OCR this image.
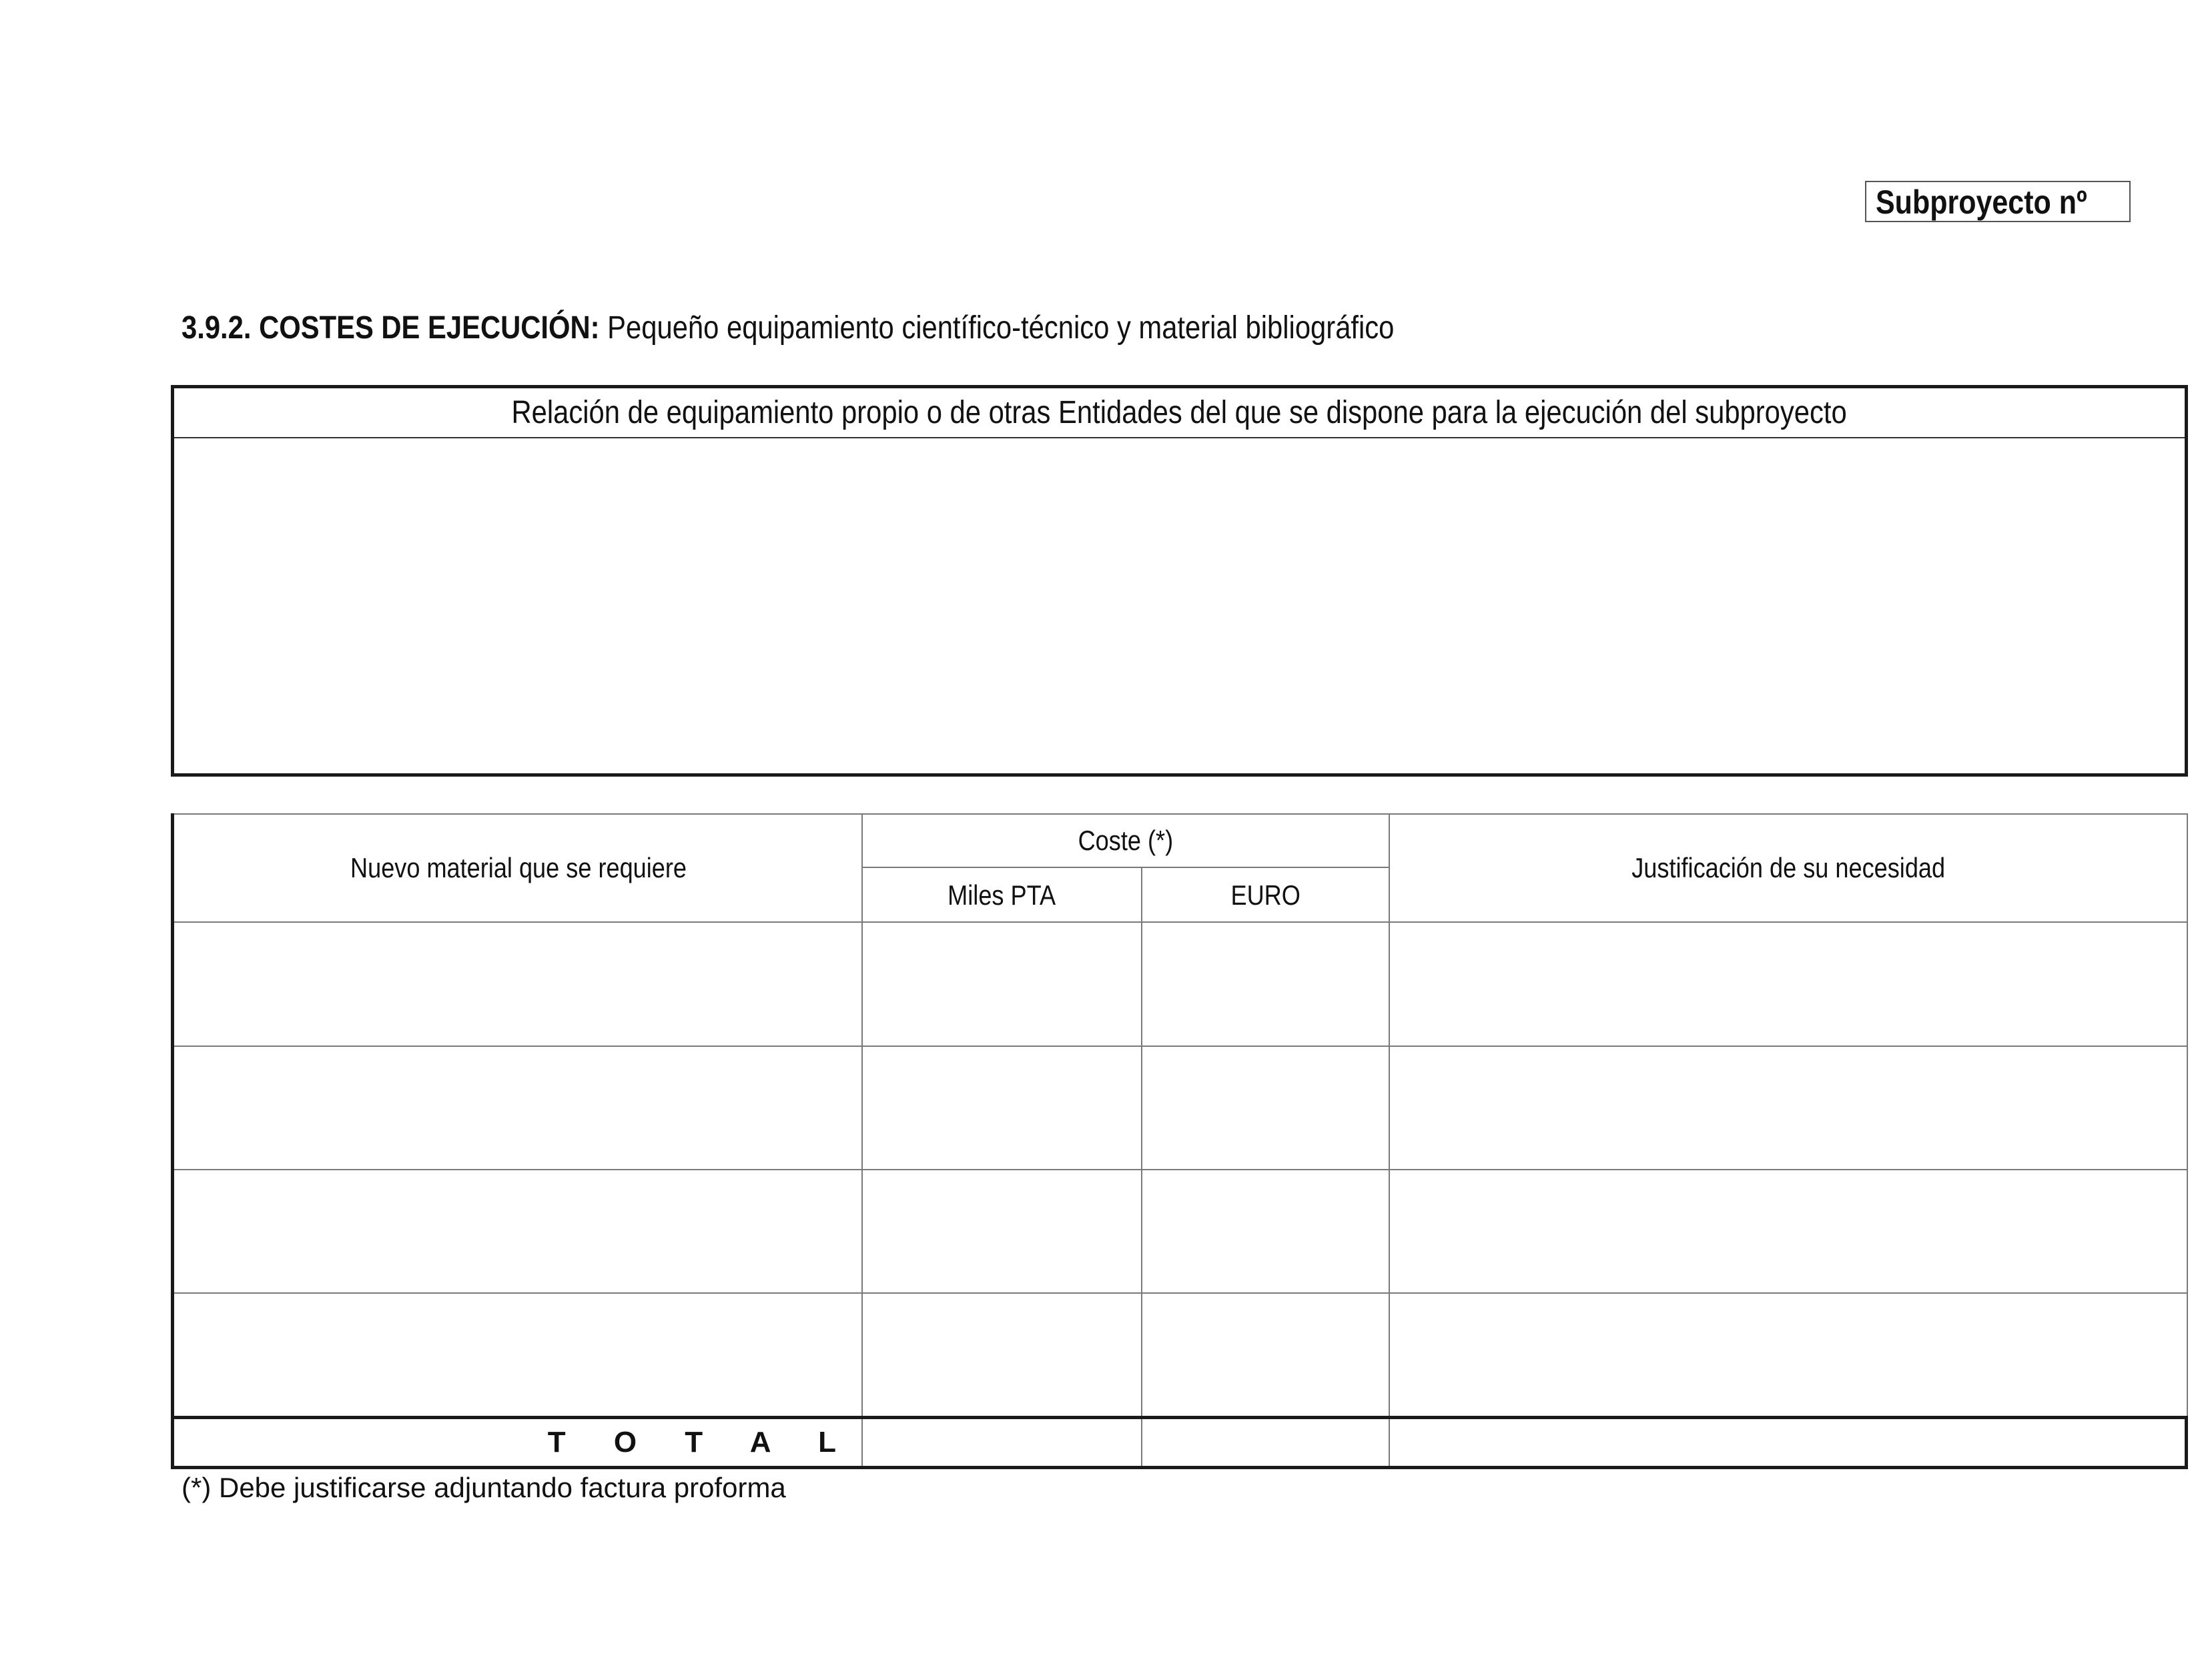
Subproyecto nº
3.9.2. COSTES DE EJECUCIÓN: Pequeño equipamiento científico-técnico y material bibliográfico
Relación de equipamiento propio o de otras Entidades del que se dispone para la ejecución del subproyecto
Nuevo material que se requiere
Coste (*)
Miles PTA	EURO
Justificación de su necesidad
T O T A L
(*) Debe justificarse adjuntando factura proforma
